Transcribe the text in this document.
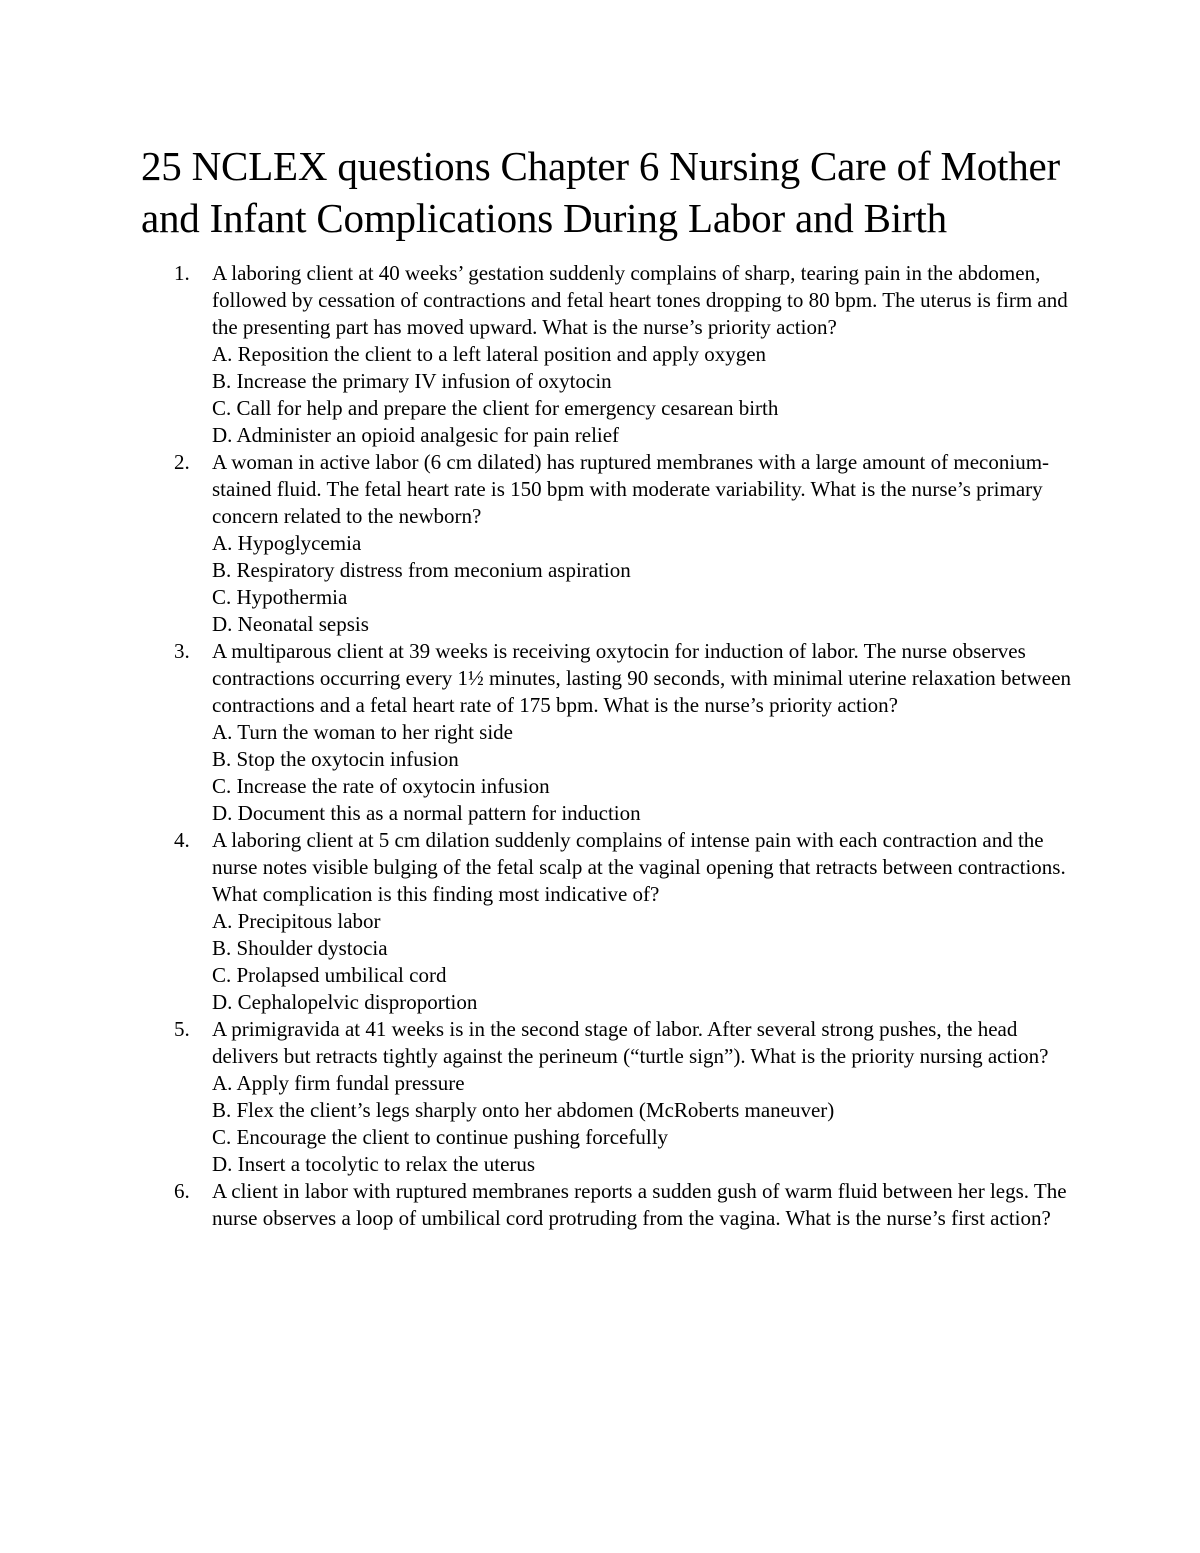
25 NCLEX questions Chapter 6 Nursing Care of Mother and Infant Complications During Labor and Birth
1. A laboring client at 40 weeks’ gestation suddenly complains of sharp, tearing pain in the abdomen, followed by cessation of contractions and fetal heart tones dropping to 80 bpm. The uterus is firm and the presenting part has moved upward. What is the nurse’s priority action?
A. Reposition the client to a left lateral position and apply oxygen
B. Increase the primary IV infusion of oxytocin
C. Call for help and prepare the client for emergency cesarean birth
D. Administer an opioid analgesic for pain relief
2. A woman in active labor (6 cm dilated) has ruptured membranes with a large amount of meconium-stained fluid. The fetal heart rate is 150 bpm with moderate variability. What is the nurse’s primary concern related to the newborn?
A. Hypoglycemia
B. Respiratory distress from meconium aspiration
C. Hypothermia
D. Neonatal sepsis
3. A multiparous client at 39 weeks is receiving oxytocin for induction of labor. The nurse observes contractions occurring every 1½ minutes, lasting 90 seconds, with minimal uterine relaxation between contractions and a fetal heart rate of 175 bpm. What is the nurse’s priority action?
A. Turn the woman to her right side
B. Stop the oxytocin infusion
C. Increase the rate of oxytocin infusion
D. Document this as a normal pattern for induction
4. A laboring client at 5 cm dilation suddenly complains of intense pain with each contraction and the nurse notes visible bulging of the fetal scalp at the vaginal opening that retracts between contractions. What complication is this finding most indicative of?
A. Precipitous labor
B. Shoulder dystocia
C. Prolapsed umbilical cord
D. Cephalopelvic disproportion
5. A primigravida at 41 weeks is in the second stage of labor. After several strong pushes, the head delivers but retracts tightly against the perineum (“turtle sign”). What is the priority nursing action?
A. Apply firm fundal pressure
B. Flex the client’s legs sharply onto her abdomen (McRoberts maneuver)
C. Encourage the client to continue pushing forcefully
D. Insert a tocolytic to relax the uterus
6. A client in labor with ruptured membranes reports a sudden gush of warm fluid between her legs. The nurse observes a loop of umbilical cord protruding from the vagina. What is the nurse’s first action?
